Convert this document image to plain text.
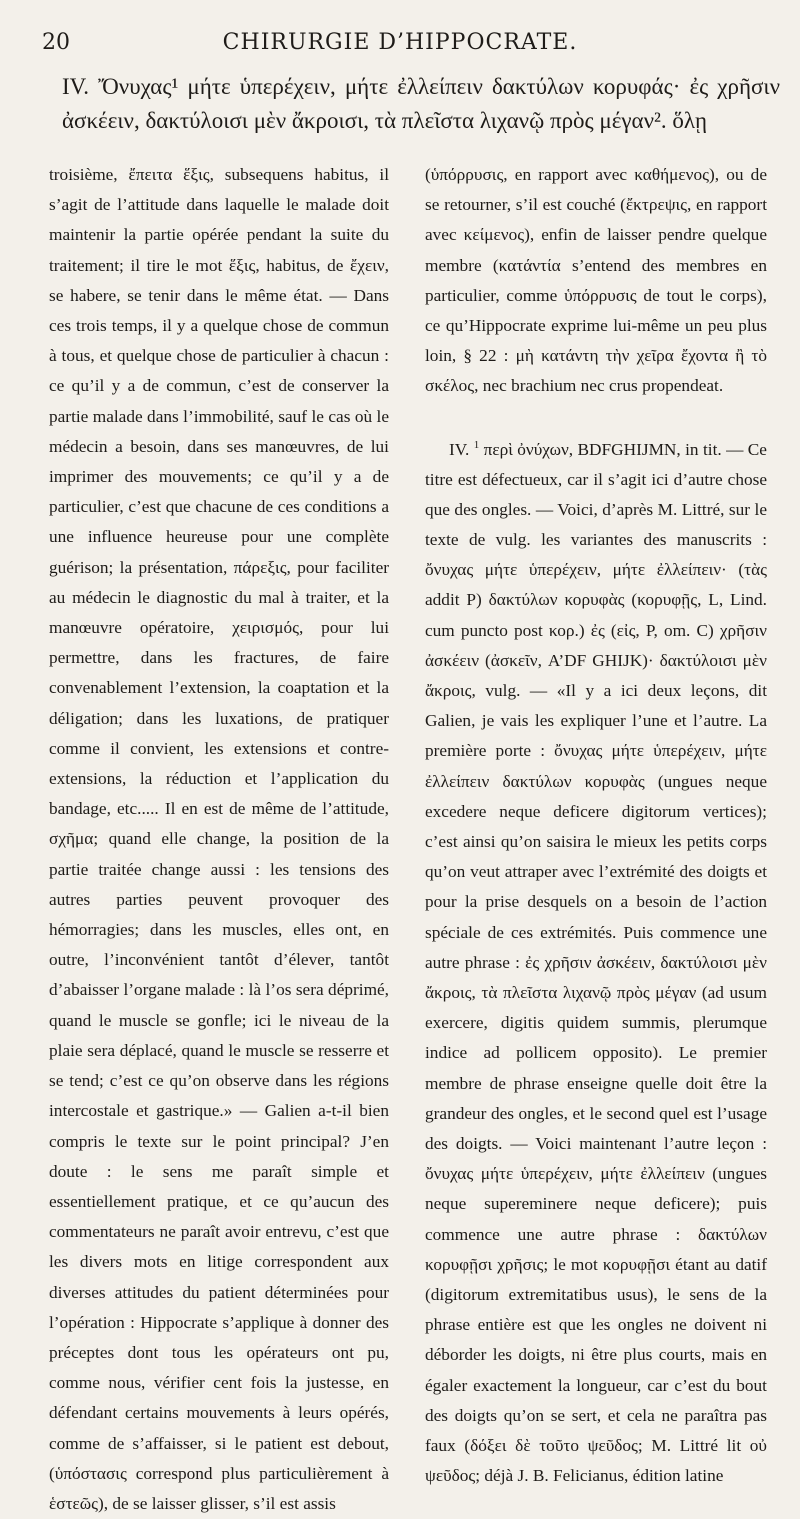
20	CHIRURGIE D’HIPPOCRATE.
IV. Ὄνυχας¹ μήτε ὑπερέχειν, μήτε ἐλλείπειν δακτύλων κορυφάς· ἐς χρῆσιν ἀσκέειν, δακτύλοισι μὲν ἄκροισι, τὰ πλεῖστα λιχανῷ πρὸς μέγαν². ὅλῃ

troisième, ἔπειτα ἕξις, subsequens habitus, il s’agit de l’attitude dans laquelle le malade doit maintenir la partie opérée pendant la suite du traitement; il tire le mot ἕξις, habitus, de ἔχειν, se habere, se tenir dans le même état. — Dans ces trois temps, il y a quelque chose de commun à tous, et quelque chose de particulier à chacun : ce qu’il y a de commun, c’est de conserver la partie malade dans l’immobilité, sauf le cas où le médecin a besoin, dans ses manœuvres, de lui imprimer des mouvements; ce qu’il y a de particulier, c’est que chacune de ces conditions a une influence heureuse pour une complète guérison; la présentation, πάρεξις, pour faciliter au médecin le diagnostic du mal à traiter, et la manœuvre opératoire, χειρισμός, pour lui permettre, dans les fractures, de faire convenablement l’extension, la coaptation et la déligation; dans les luxations, de pratiquer comme il convient, les extensions et contre-extensions, la réduction et l’application du bandage, etc..... Il en est de même de l’attitude, σχῆμα; quand elle change, la position de la partie traitée change aussi : les tensions des autres parties peuvent provoquer des hémorragies; dans les muscles, elles ont, en outre, l’inconvénient tantôt d’élever, tantôt d’abaisser l’organe malade : là l’os sera déprimé, quand le muscle se gonfle; ici le niveau de la plaie sera déplacé, quand le muscle se resserre et se tend; c’est ce qu’on observe dans les régions intercostale et gastrique.» — Galien a-t-il bien compris le texte sur le point principal? J’en doute : le sens me paraît simple et essentiellement pratique, et ce qu’aucun des commentateurs ne paraît avoir entrevu, c’est que les divers mots en litige correspondent aux diverses attitudes du patient déterminées pour l’opération : Hippocrate s’applique à donner des préceptes dont tous les opérateurs ont pu, comme nous, vérifier cent fois la justesse, en défendant certains mouvements à leurs opérés, comme de s’affaisser, si le patient est debout, (ὑπόστασις correspond plus particulièrement à ἑστεῶς), de se laisser glisser, s’il est assis

(ὑπόρρυσις, en rapport avec καθήμενος), ou de se retourner, s’il est couché (ἔκτρεψις, en rapport avec κείμενος), enfin de laisser pendre quelque membre (κατάντία s’entend des membres en particulier, comme ὑπόρρυσις de tout le corps), ce qu’Hippocrate exprime lui-même un peu plus loin, § 22 : μὴ κατάντη τὴν χεῖρα ἔχοντα ἢ τὸ σκέλος, nec brachium nec crus propendeat.

IV. $^1$ περὶ ὀνύχων, BDFGHIJMN, in tit. — Ce titre est défectueux, car il s’agit ici d’autre chose que des ongles. — Voici, d’après M. Littré, sur le texte de vulg. les variantes des manuscrits : ὄνυχας μήτε ὑπερέχειν, μήτε ἐλλείπειν· (τὰς addit P) δακτύλων κορυφὰς (κορυφῇς, L, Lind. cum puncto post κορ.) ἐς (εἰς, P, om. C) χρῆσιν ἀσκέειν (ἀσκεῖν, A’DF GHIJK)· δακτύλοισι μὲν ἄκροις, vulg. — «Il y a ici deux leçons, dit Galien, je vais les expliquer l’une et l’autre. La première porte : ὄνυχας μήτε ὑπερέχειν, μήτε ἐλλείπειν δακτύλων κορυφὰς (ungues neque excedere neque deficere digitorum vertices); c’est ainsi qu’on saisira le mieux les petits corps qu’on veut attraper avec l’extrémité des doigts et pour la prise desquels on a besoin de l’action spéciale de ces extrémités. Puis commence une autre phrase : ἐς χρῆσιν ἀσκέειν, δακτύλοισι μὲν ἄκροις, τὰ πλεῖστα λιχανῷ πρὸς μέγαν (ad usum exercere, digitis quidem summis, plerumque indice ad pollicem opposito). Le premier membre de phrase enseigne quelle doit être la grandeur des ongles, et le second quel est l’usage des doigts. — Voici maintenant l’autre leçon : ὄνυχας μήτε ὑπερέχειν, μήτε ἐλλείπειν (ungues neque supereminere neque deficere); puis commence une autre phrase : δακτύλων κορυφῇσι χρῆσις; le mot κορυφῇσι étant au datif (digitorum extremitatibus usus), le sens de la phrase entière est que les ongles ne doivent ni déborder les doigts, ni être plus courts, mais en égaler exactement la longueur, car c’est du bout des doigts qu’on se sert, et cela ne paraîtra pas faux (δόξει δὲ τοῦτο ψεῦδος; M. Littré lit οὐ ψεῦδος; déjà J. B. Felicianus, édition latine
